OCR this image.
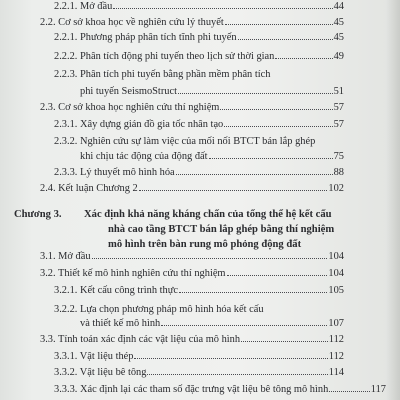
2.2.1. Mở đầu	44
2.2. Cơ sở khoa học về nghiên cứu lý thuyết	45
2.2.1. Phương pháp phân tích tĩnh phi tuyến	45
2.2.2. Phân tích động phi tuyến theo lịch sử thời gian	49
2.2.3. Phân tích phi tuyến bằng phần mềm phân tích
phi tuyến SeismoStruct	51
2.3. Cơ sở khoa học nghiên cứu thí nghiệm	57
2.3.1. Xây dựng gián đồ gia tốc nhân tạo	57
2.3.2. Nghiên cứu sự làm việc của mối nối BTCT bán lắp ghép
khi chịu tác động của động đất	75
2.3.3. Lý thuyết mô hình hóa	88
2.4. Kết luận Chương 2	102
Chương 3. Xác định khả năng kháng chấn của tổng thể hệ kết cấu
nhà cao tầng BTCT bán lắp ghép bằng thí nghiệm
mô hình trên bàn rung mô phỏng động đất
3.1. Mở đầu	104
3.2. Thiết kế mô hình nghiên cứu thí nghiệm	104
3.2.1. Kết cấu công trình thực	105
3.2.2. Lựa chọn phương pháp mô hình hóa kết cấu
và thiết kế mô hình	107
3.3. Tính toán xác định các vật liệu của mô hình	112
3.3.1. Vật liệu thép	112
3.3.2. Vật liệu bê tông	114
3.3.3. Xác định lại các tham số đặc trưng vật liệu bê tông mô hình	117
